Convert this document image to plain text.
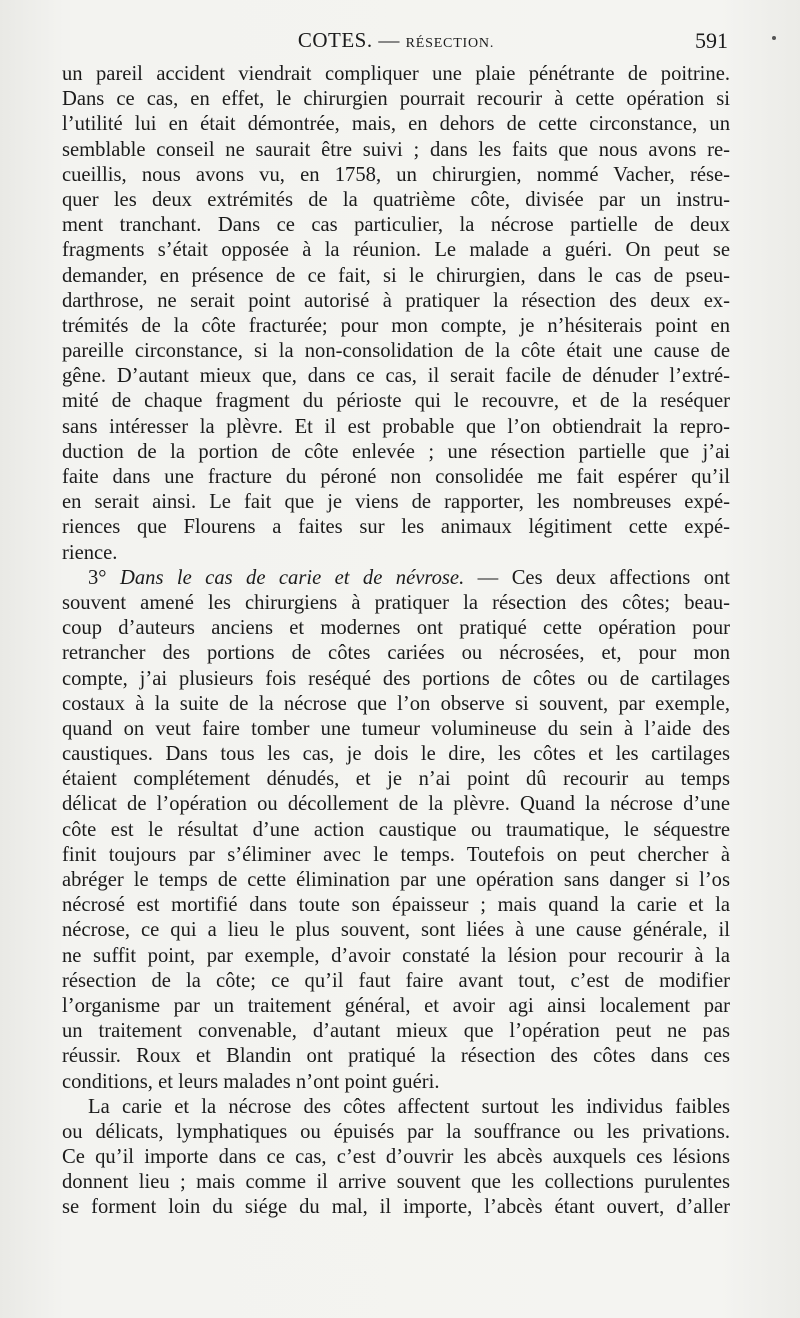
COTES. — RÉSECTION.	591
un pareil accident viendrait compliquer une plaie pénétrante de poitrine.
Dans ce cas, en effet, le chirurgien pourrait recourir à cette opération si
l’utilité lui en était démontrée, mais, en dehors de cette circonstance, un
semblable conseil ne saurait être suivi ; dans les faits que nous avons re-
cueillis, nous avons vu, en 1758, un chirurgien, nommé Vacher, rése-
quer les deux extrémités de la quatrième côte, divisée par un instru-
ment tranchant. Dans ce cas particulier, la nécrose partielle de deux
fragments s’était opposée à la réunion. Le malade a guéri. On peut se
demander, en présence de ce fait, si le chirurgien, dans le cas de pseu-
darthrose, ne serait point autorisé à pratiquer la résection des deux ex-
trémités de la côte fracturée; pour mon compte, je n’hésiterais point en
pareille circonstance, si la non-consolidation de la côte était une cause de
gêne. D’autant mieux que, dans ce cas, il serait facile de dénuder l’extré-
mité de chaque fragment du périoste qui le recouvre, et de la reséquer
sans intéresser la plèvre. Et il est probable que l’on obtiendrait la repro-
duction de la portion de côte enlevée ; une résection partielle que j’ai
faite dans une fracture du péroné non consolidée me fait espérer qu’il
en serait ainsi. Le fait que je viens de rapporter, les nombreuses expé-
riences que Flourens a faites sur les animaux légitiment cette expé-
rience.
3° Dans le cas de carie et de névrose. — Ces deux affections ont
souvent amené les chirurgiens à pratiquer la résection des côtes; beau-
coup d’auteurs anciens et modernes ont pratiqué cette opération pour
retrancher des portions de côtes cariées ou nécrosées, et, pour mon
compte, j’ai plusieurs fois reséqué des portions de côtes ou de cartilages
costaux à la suite de la nécrose que l’on observe si souvent, par exemple,
quand on veut faire tomber une tumeur volumineuse du sein à l’aide des
caustiques. Dans tous les cas, je dois le dire, les côtes et les cartilages
étaient complétement dénudés, et je n’ai point dû recourir au temps
délicat de l’opération ou décollement de la plèvre. Quand la nécrose d’une
côte est le résultat d’une action caustique ou traumatique, le séquestre
finit toujours par s’éliminer avec le temps. Toutefois on peut chercher à
abréger le temps de cette élimination par une opération sans danger si l’os
nécrosé est mortifié dans toute son épaisseur ; mais quand la carie et la
nécrose, ce qui a lieu le plus souvent, sont liées à une cause générale, il
ne suffit point, par exemple, d’avoir constaté la lésion pour recourir à la
résection de la côte; ce qu’il faut faire avant tout, c’est de modifier
l’organisme par un traitement général, et avoir agi ainsi localement par
un traitement convenable, d’autant mieux que l’opération peut ne pas
réussir. Roux et Blandin ont pratiqué la résection des côtes dans ces
conditions, et leurs malades n’ont point guéri.
La carie et la nécrose des côtes affectent surtout les individus faibles
ou délicats, lymphatiques ou épuisés par la souffrance ou les privations.
Ce qu’il importe dans ce cas, c’est d’ouvrir les abcès auxquels ces lésions
donnent lieu ; mais comme il arrive souvent que les collections purulentes
se forment loin du siége du mal, il importe, l’abcès étant ouvert, d’aller
